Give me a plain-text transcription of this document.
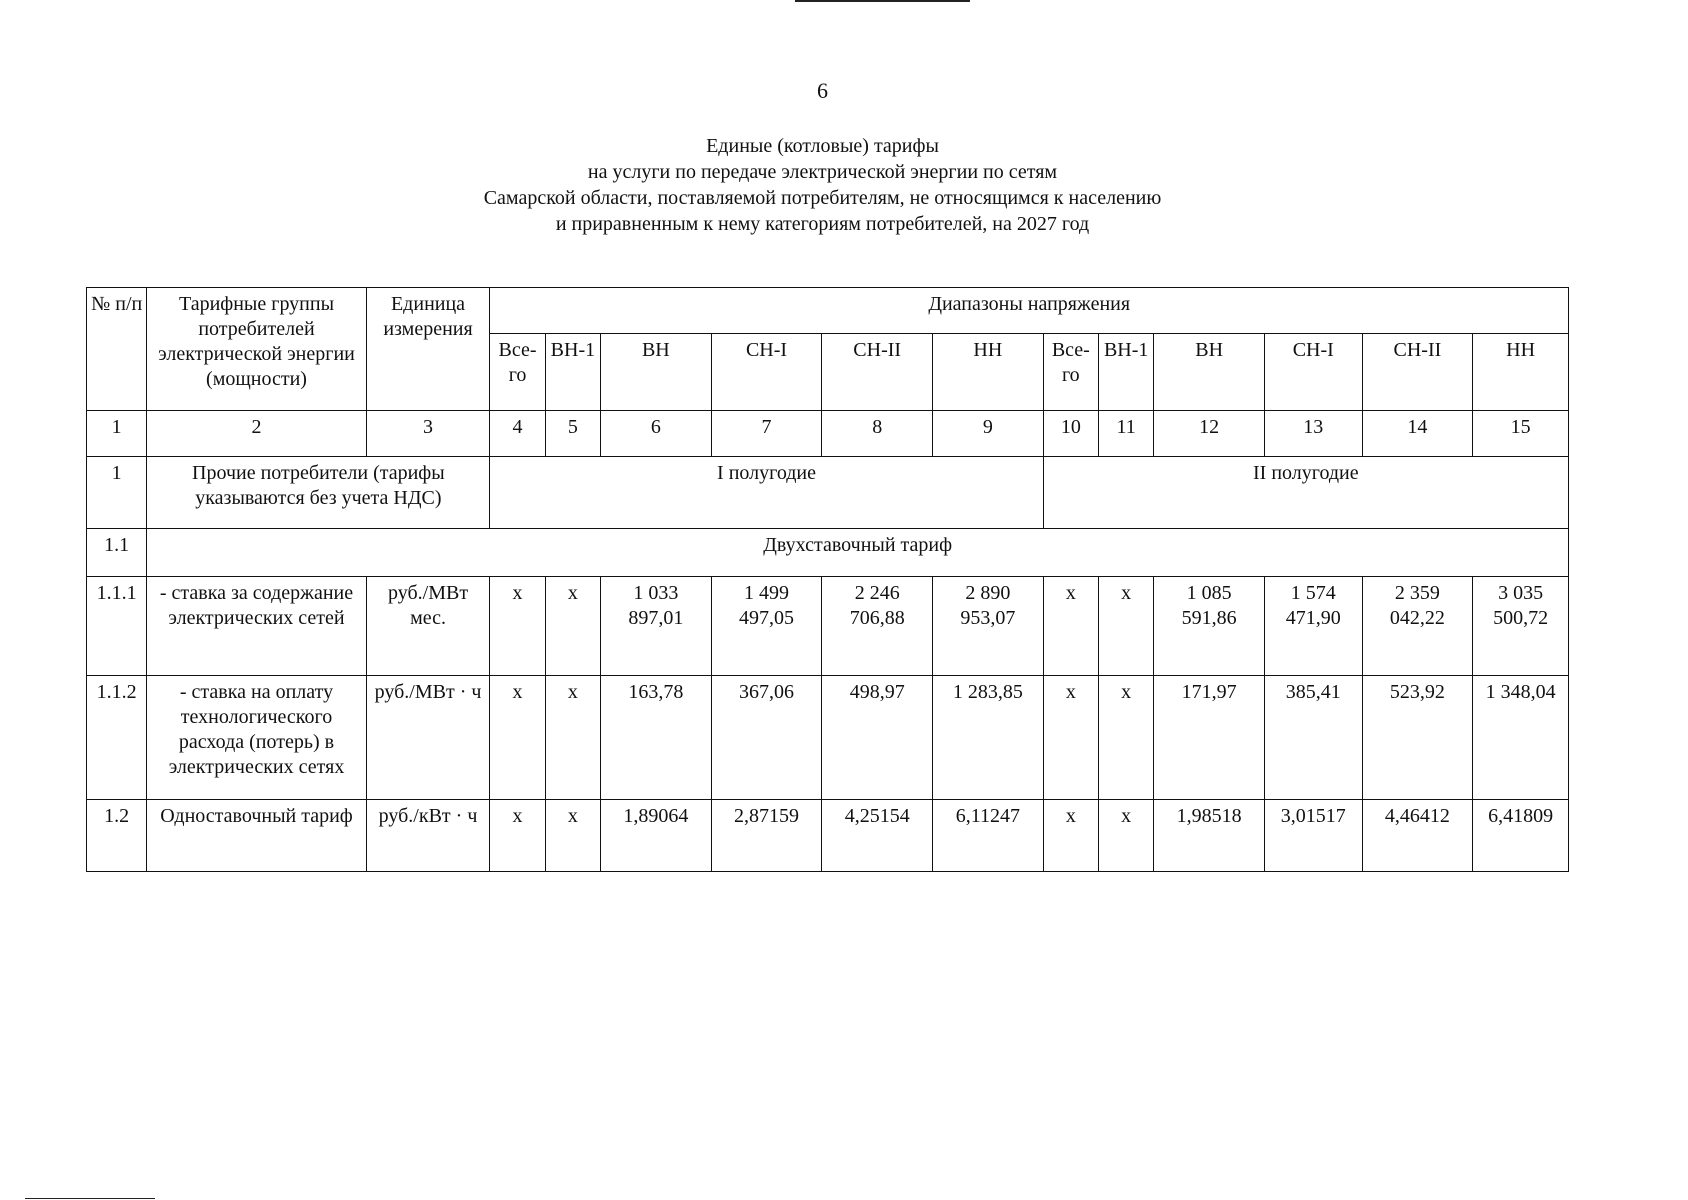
6
Единые (котловые) тарифы
на услуги по передаче электрической энергии по сетям
Самарской области, поставляемой потребителям, не относящимся к населению
и приравненным к нему категориям потребителей, на 2027 год
№ п/п	Тарифные группы потребителей электрической энергии (мощности)	Единица измерения	Диапазоны напряжения											
			Все-го	ВН-1	ВН	СН-I	СН-II	НН	Все-го	ВН-1	ВН	СН-I	СН-II	НН
1	2	3	4	5	6	7	8	9	10	11	12	13	14	15
1	Прочие потребители (тарифы указываются без учета НДС)		I полугодие						II полугодие					
1.1	Двухставочный тариф													
1.1.1	- ставка за содержание электрических сетей	руб./МВт мес.	х	х	1 033 897,01	1 499 497,05	2 246 706,88	2 890 953,07	х	х	1 085 591,86	1 574 471,90	2 359 042,22	3 035 500,72
1.1.2	- ставка на оплату технологического расхода (потерь) в электрических сетях	руб./МВт · ч	х	х	163,78	367,06	498,97	1 283,85	х	х	171,97	385,41	523,92	1 348,04
1.2	Одноставочный тариф	руб./кВт · ч	х	х	1,89064	2,87159	4,25154	6,11247	х	х	1,98518	3,01517	4,46412	6,41809
